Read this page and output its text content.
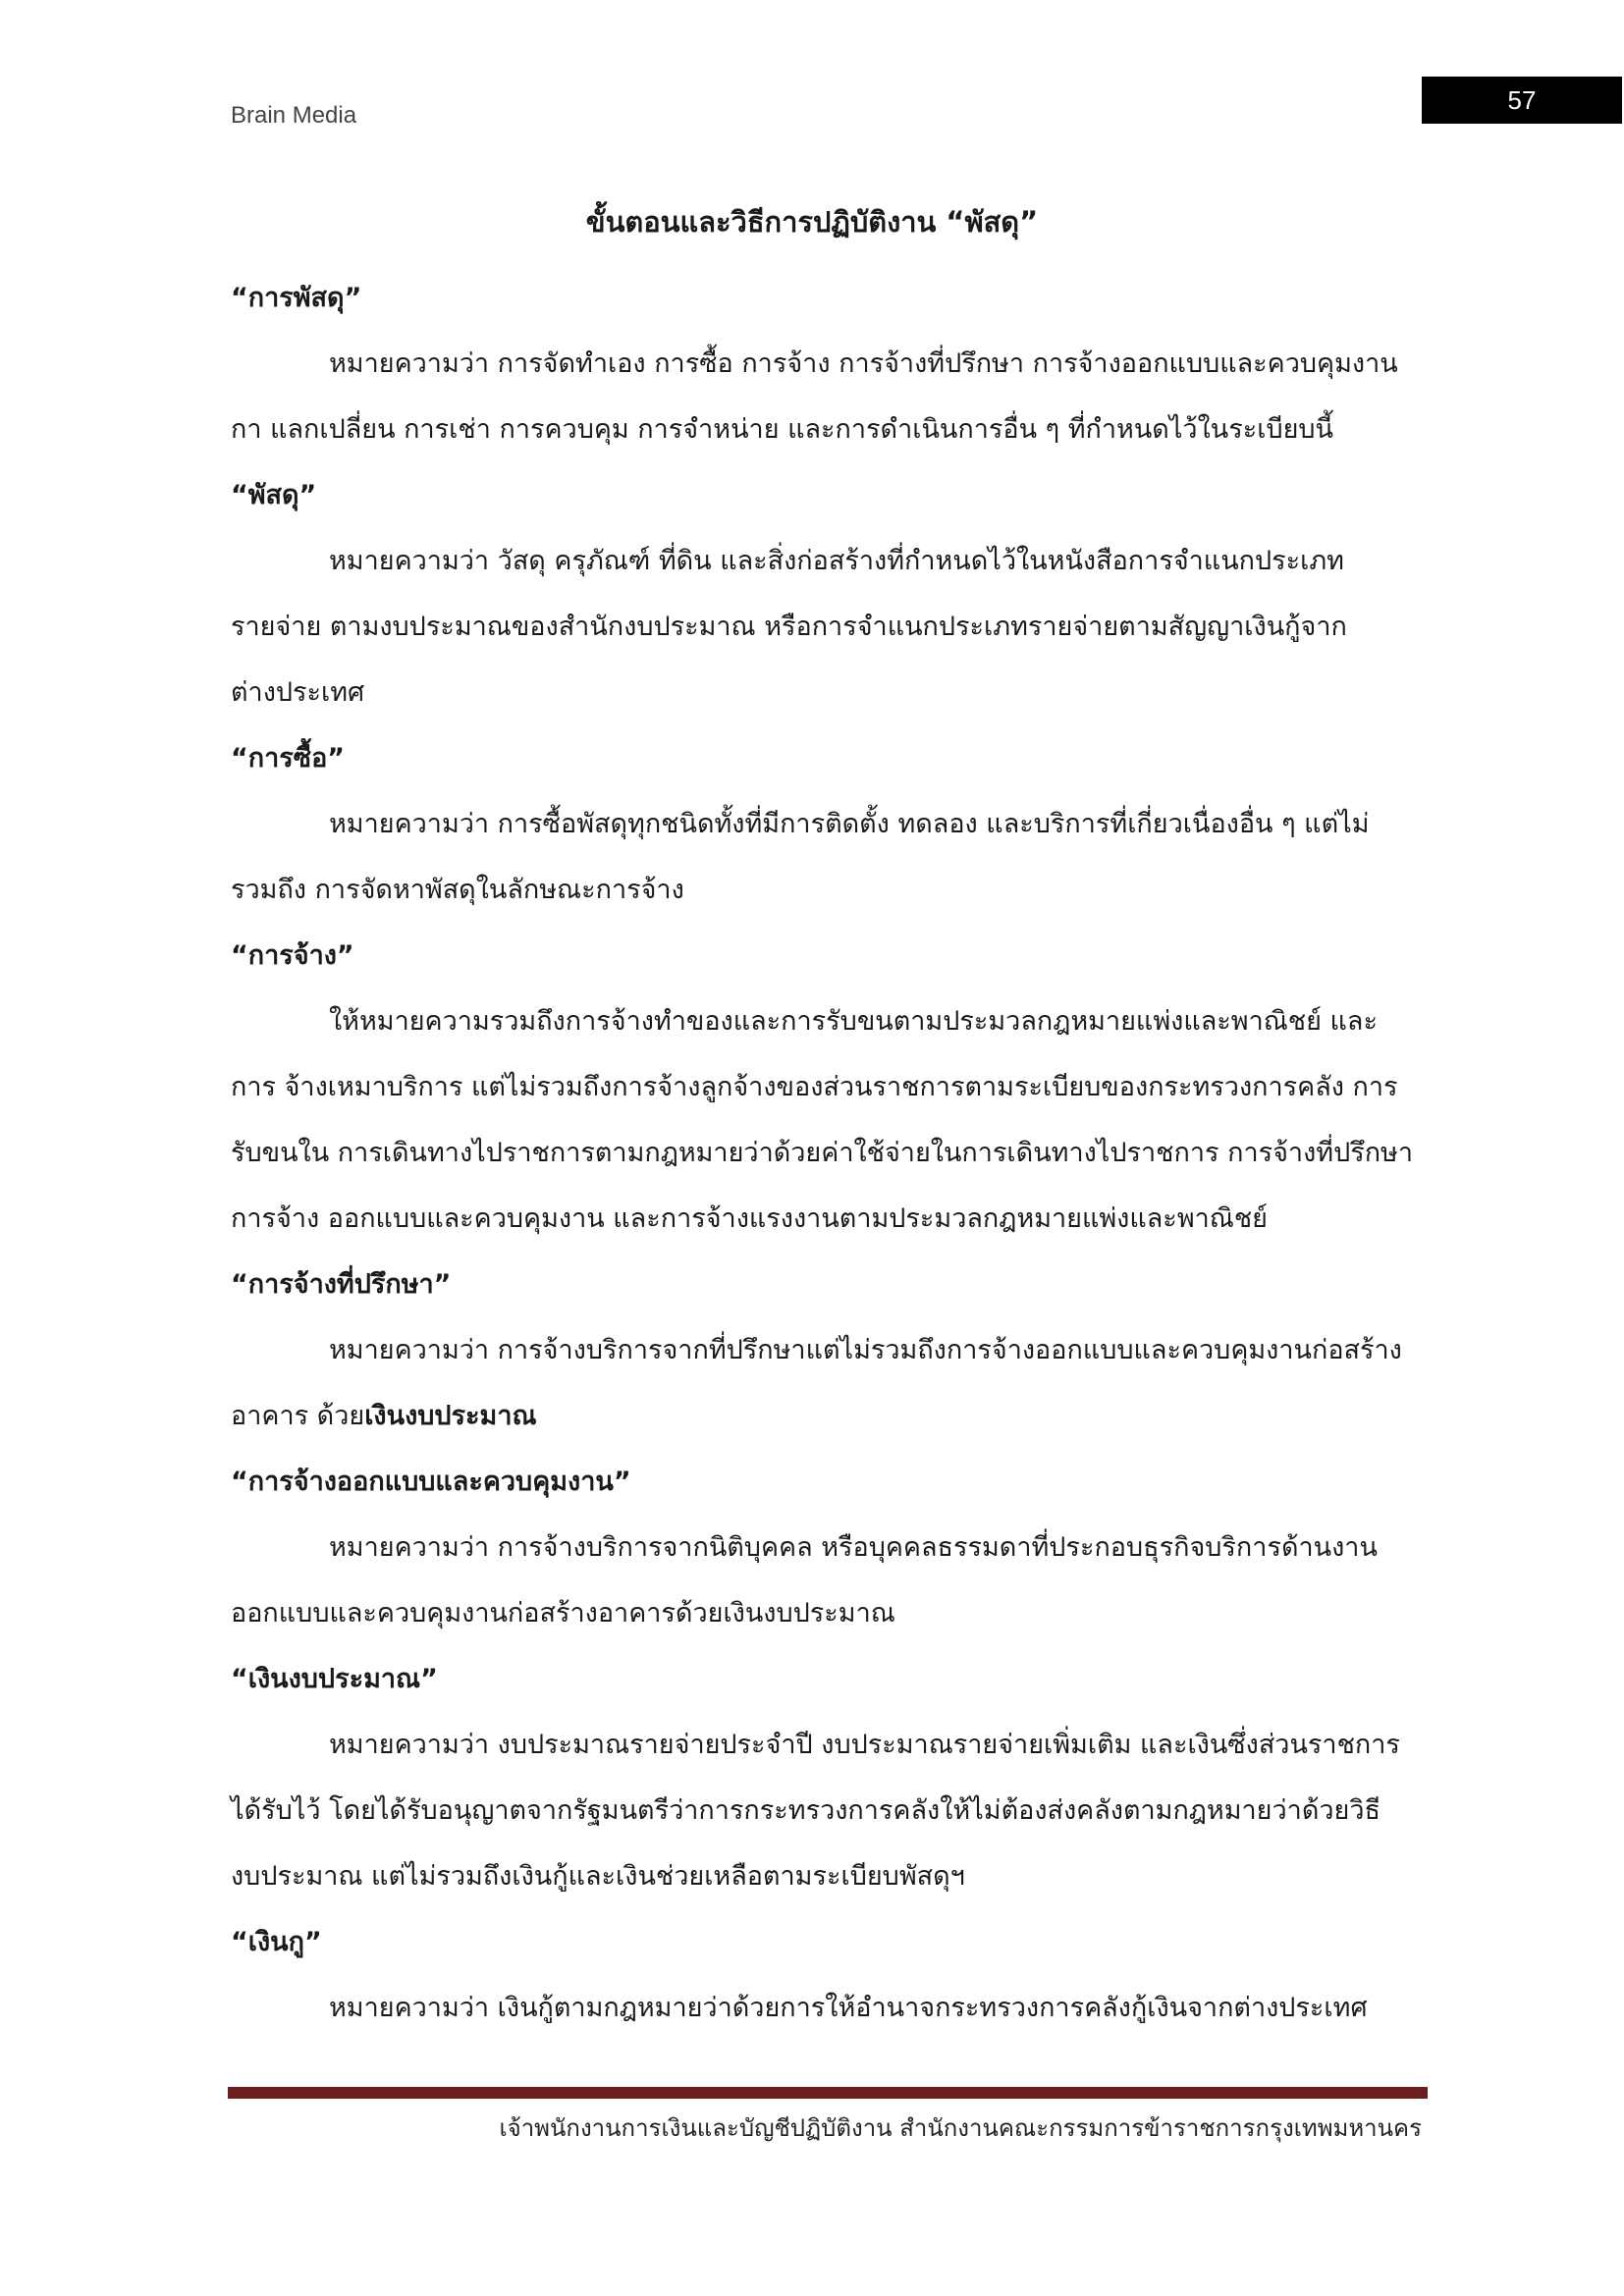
Brain Media
57
ขั้นตอนและวิธีการปฏิบัติงาน “พัสดุ”
“การพัสดุ”
หมายความว่า การจัดทำเอง การซื้อ การจ้าง การจ้างที่ปรึกษา การจ้างออกแบบและควบคุมงาน
กา แลกเปลี่ยน การเช่า การควบคุม การจำหน่าย และการดำเนินการอื่น ๆ ที่กำหนดไว้ในระเบียบนี้
“พัสดุ”
หมายความว่า วัสดุ ครุภัณฑ์ ที่ดิน และสิ่งก่อสร้างที่กำหนดไว้ในหนังสือการจำแนกประเภท
รายจ่าย ตามงบประมาณของสำนักงบประมาณ หรือการจำแนกประเภทรายจ่ายตามสัญญาเงินกู้จาก
ต่างประเทศ
“การซื้อ”
หมายความว่า การซื้อพัสดุทุกชนิดทั้งที่มีการติดตั้ง ทดลอง และบริการที่เกี่ยวเนื่องอื่น ๆ แต่ไม่
รวมถึง การจัดหาพัสดุในลักษณะการจ้าง
“การจ้าง”
ให้หมายความรวมถึงการจ้างทำของและการรับขนตามประมวลกฎหมายแพ่งและพาณิชย์ และ
การ จ้างเหมาบริการ แต่ไม่รวมถึงการจ้างลูกจ้างของส่วนราชการตามระเบียบของกระทรวงการคลัง การ
รับขนใน การเดินทางไปราชการตามกฎหมายว่าด้วยค่าใช้จ่ายในการเดินทางไปราชการ การจ้างที่ปรึกษา
การจ้าง ออกแบบและควบคุมงาน และการจ้างแรงงานตามประมวลกฎหมายแพ่งและพาณิชย์
“การจ้างที่ปรึกษา”
หมายความว่า การจ้างบริการจากที่ปรึกษาแต่ไม่รวมถึงการจ้างออกแบบและควบคุมงานก่อสร้าง
อาคาร ด้วยเงินงบประมาณ
“การจ้างออกแบบและควบคุมงาน”
หมายความว่า การจ้างบริการจากนิติบุคคล หรือบุคคลธรรมดาที่ประกอบธุรกิจบริการด้านงาน
ออกแบบและควบคุมงานก่อสร้างอาคารด้วยเงินงบประมาณ
“เงินงบประมาณ”
หมายความว่า งบประมาณรายจ่ายประจำปี งบประมาณรายจ่ายเพิ่มเติม และเงินซึ่งส่วนราชการ
ได้รับไว้ โดยได้รับอนุญาตจากรัฐมนตรีว่าการกระทรวงการคลังให้ไม่ต้องส่งคลังตามกฎหมายว่าด้วยวิธี
งบประมาณ แต่ไม่รวมถึงเงินกู้และเงินช่วยเหลือตามระเบียบพัสดุฯ
“เงินกู”
หมายความว่า เงินกู้ตามกฎหมายว่าด้วยการให้อำนาจกระทรวงการคลังกู้เงินจากต่างประเทศ
เจ้าพนักงานการเงินและบัญชีปฏิบัติงาน สำนักงานคณะกรรมการข้าราชการกรุงเทพมหานคร
